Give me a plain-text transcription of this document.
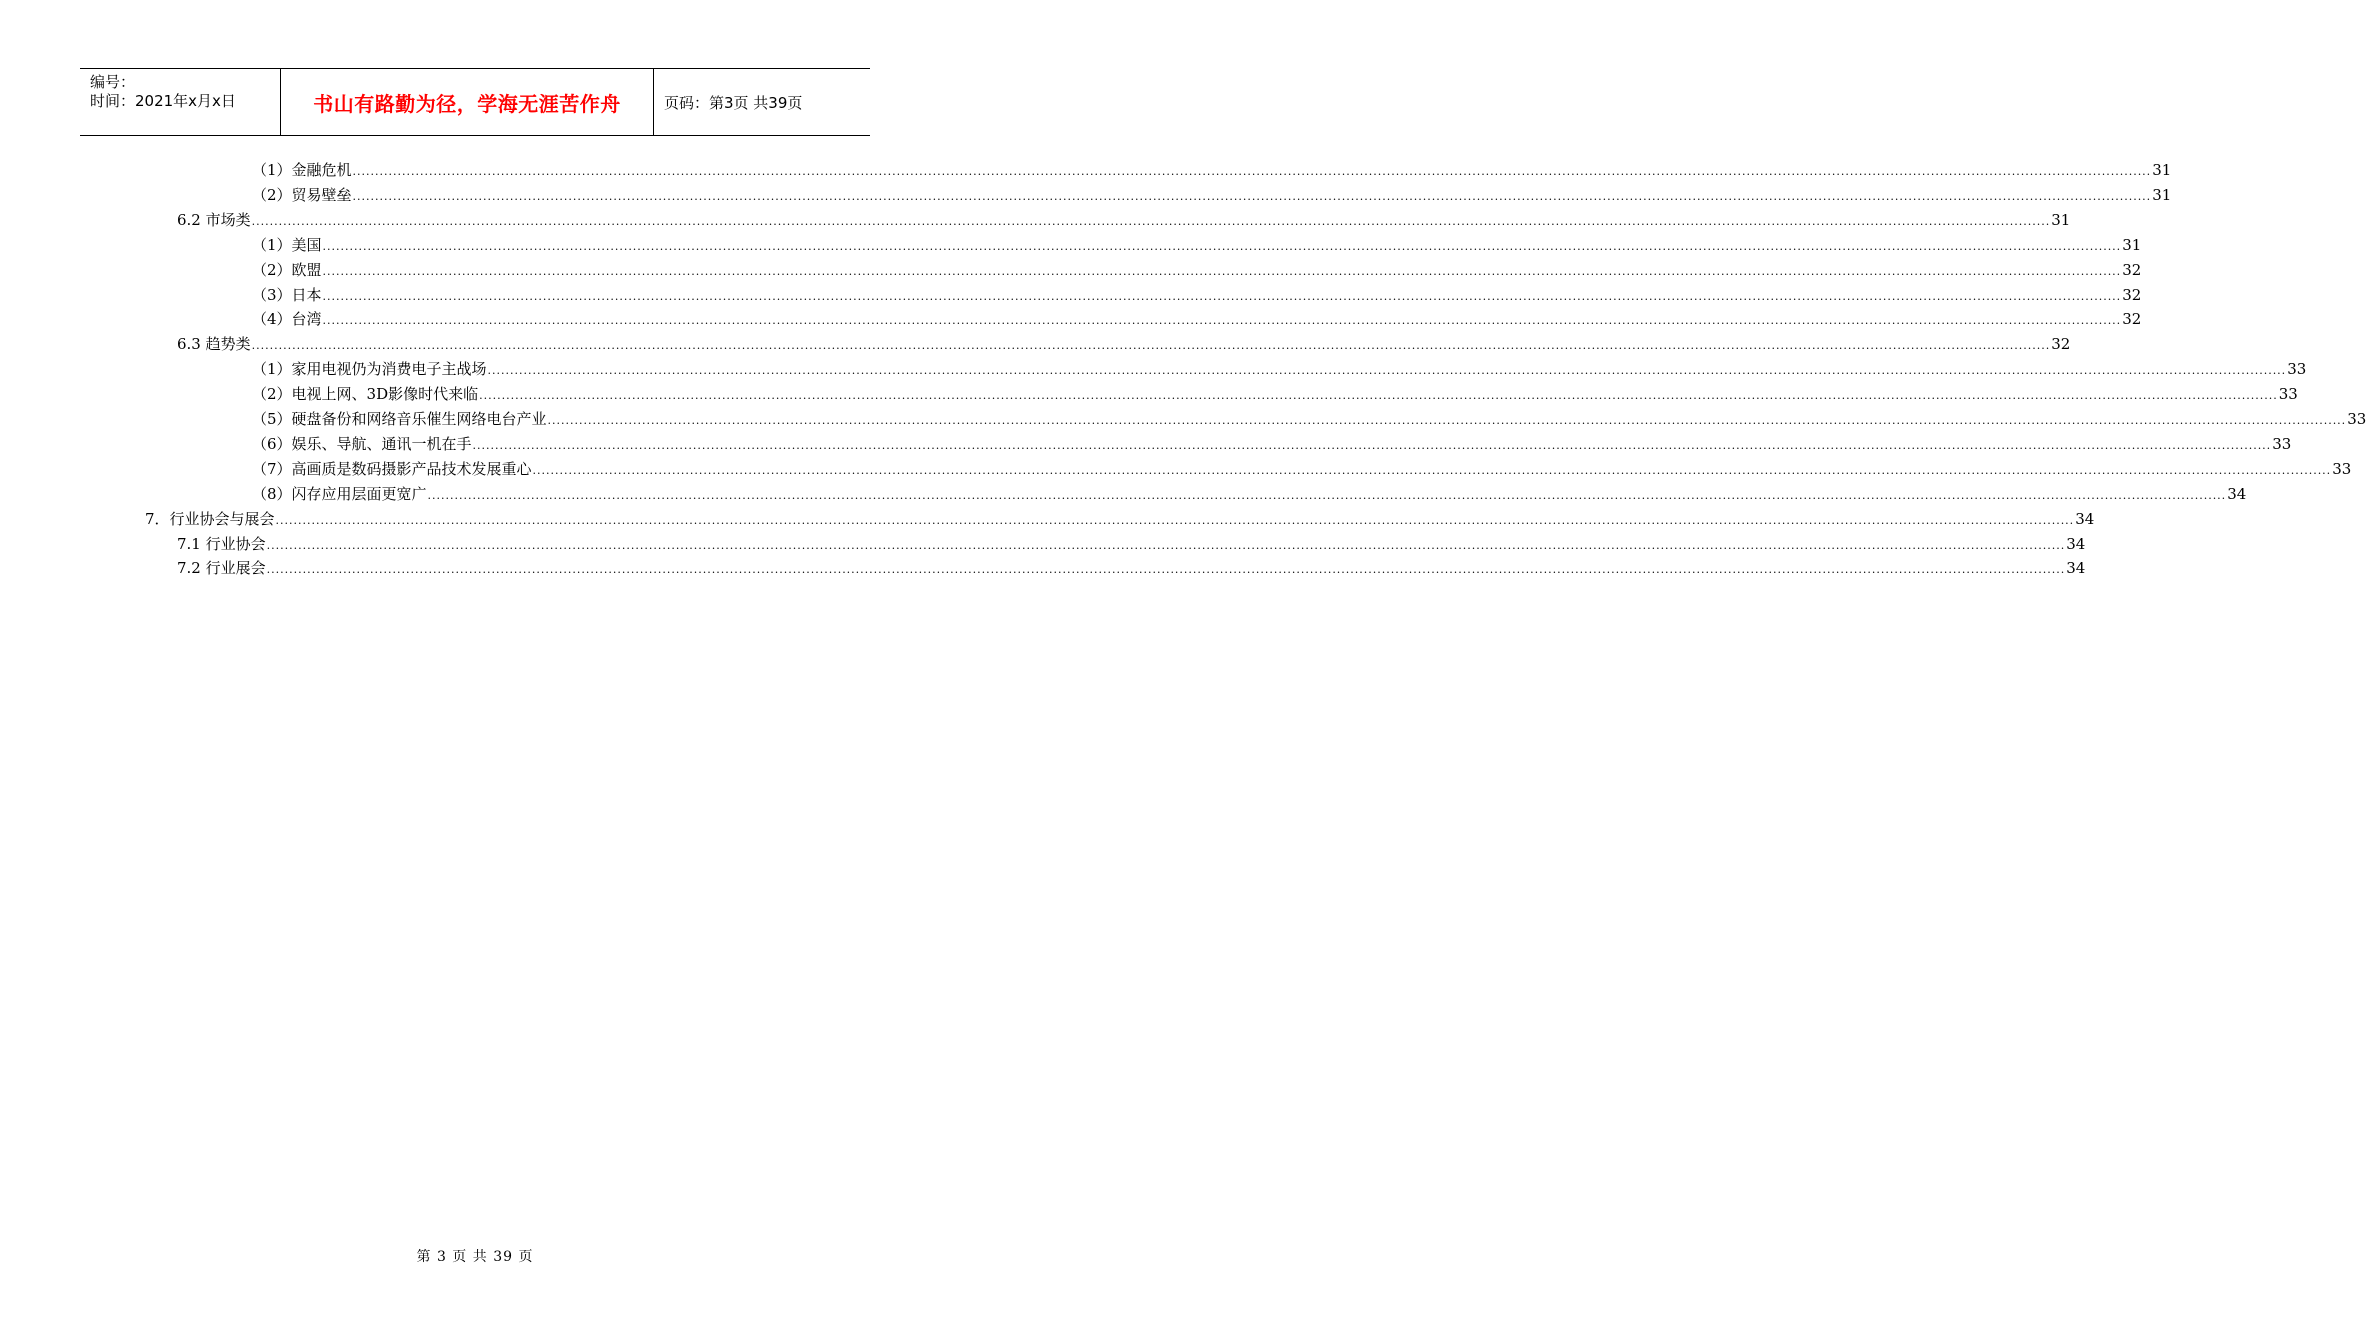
编号：
时间：2021年x月x日	书山有路勤为径，学海无涯苦作舟	页码：第3页 共39页
（1）金融危机 ................................................................................................................................................................................................................................................................................................................................................................................................................ 31
（2）贸易壁垒 ................................................................................................................................................................................................................................................................................................................................................................................................................ 31
6.2 市场类 ................................................................................................................................................................................................................................................................................................................................................................................................................ 31
（1）美国 ................................................................................................................................................................................................................................................................................................................................................................................................................ 31
（2）欧盟 ................................................................................................................................................................................................................................................................................................................................................................................................................ 32
（3）日本 ................................................................................................................................................................................................................................................................................................................................................................................................................ 32
（4）台湾 ................................................................................................................................................................................................................................................................................................................................................................................................................ 32
6.3 趋势类 ................................................................................................................................................................................................................................................................................................................................................................................................................ 32
（1）家用电视仍为消费电子主战场 ................................................................................................................................................................................................................................................................................................................................................................................................................ 33
（2）电视上网、3D影像时代来临 ................................................................................................................................................................................................................................................................................................................................................................................................................ 33
（5）硬盘备份和网络音乐催生网络电台产业 ................................................................................................................................................................................................................................................................................................................................................................................................................ 33
（6）娱乐、导航、通讯一机在手 ................................................................................................................................................................................................................................................................................................................................................................................................................ 33
（7）高画质是数码摄影产品技术发展重心 ................................................................................................................................................................................................................................................................................................................................................................................................................ 33
（8）闪存应用层面更宽广 ................................................................................................................................................................................................................................................................................................................................................................................................................ 34
7．行业协会与展会 ................................................................................................................................................................................................................................................................................................................................................................................................................ 34
7.1 行业协会 ................................................................................................................................................................................................................................................................................................................................................................................................................ 34
7.2 行业展会 ................................................................................................................................................................................................................................................................................................................................................................................................................ 34
第 3 页 共 39 页
